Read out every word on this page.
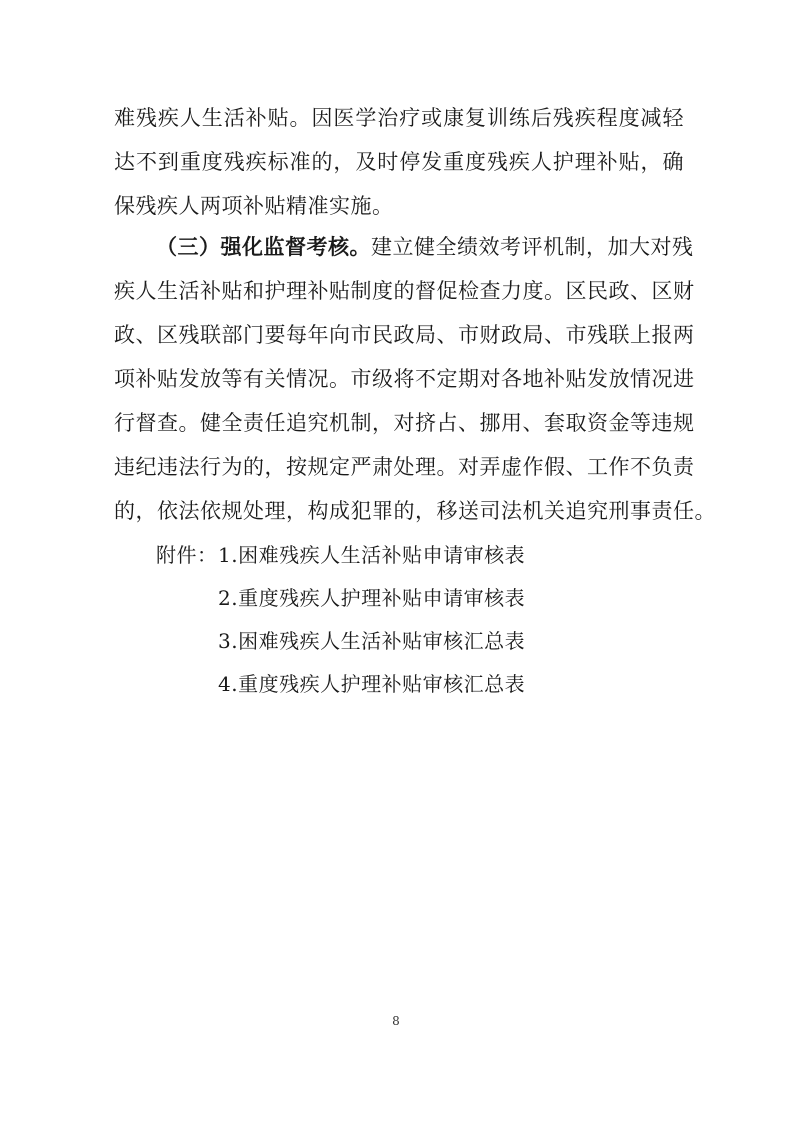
难残疾人生活补贴。因医学治疗或康复训练后残疾程度减轻
达不到重度残疾标准的，及时停发重度残疾人护理补贴，确
保残疾人两项补贴精准实施。
（三）强化监督考核。建立健全绩效考评机制，加大对残
疾人生活补贴和护理补贴制度的督促检查力度。区民政、区财
政、区残联部门要每年向市民政局、市财政局、市残联上报两
项补贴发放等有关情况。市级将不定期对各地补贴发放情况进
行督查。健全责任追究机制，对挤占、挪用、套取资金等违规
违纪违法行为的，按规定严肃处理。对弄虚作假、工作不负责
的，依法依规处理，构成犯罪的，移送司法机关追究刑事责任。
附件： 1.困难残疾人生活补贴申请审核表
2.重度残疾人护理补贴申请审核表
3.困难残疾人生活补贴审核汇总表
4.重度残疾人护理补贴审核汇总表
8
